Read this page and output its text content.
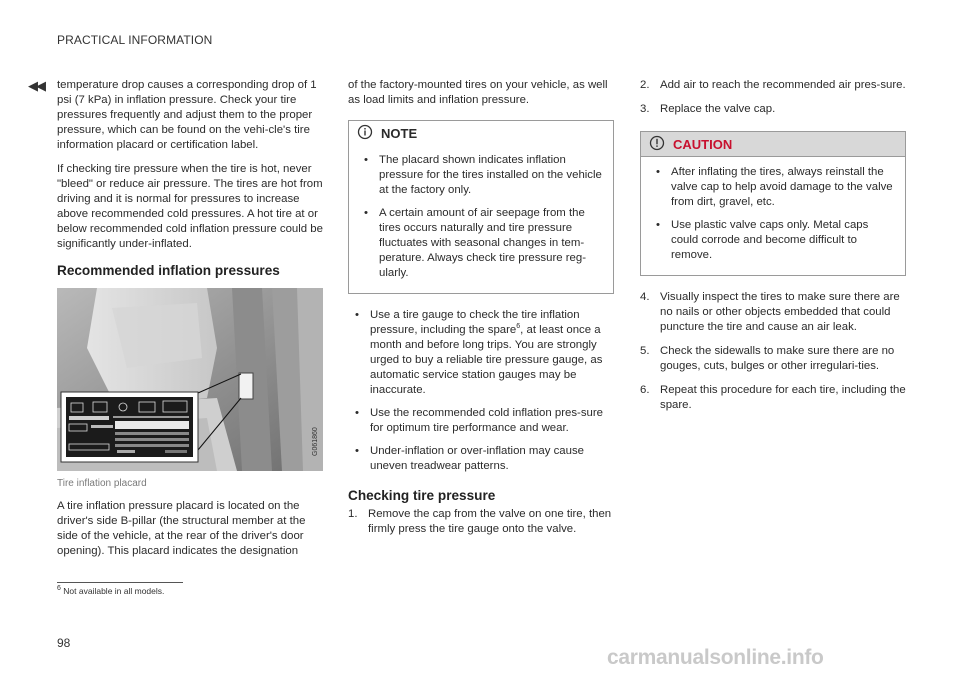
PRACTICAL INFORMATION
◀◀ temperature drop causes a corresponding drop of 1 psi (7 kPa) in inflation pressure. Check your tire pressures frequently and adjust them to the proper pressure, which can be found on the vehi-cle's tire information placard or certification label.

If checking tire pressure when the tire is hot, never "bleed" or reduce air pressure. The tires are hot from driving and it is normal for pressures to increase above recommended cold pressures. A hot tire at or below recommended cold inflation pressure could be significantly under-inflated.

Recommended inflation pressures
G061860
Tire inflation placard

A tire inflation pressure placard is located on the driver's side B-pillar (the structural member at the side of the vehicle, at the rear of the driver's door opening). This placard indicates the designation

of the factory-mounted tires on your vehicle, as well as load limits and inflation pressure.

NOTE
• The placard shown indicates inflation pressure for the tires installed on the vehicle at the factory only.
• A certain amount of air seepage from the tires occurs naturally and tire pressure fluctuates with seasonal changes in tem-perature. Always check tire pressure reg-ularly.
• Use a tire gauge to check the tire inflation pressure, including the spare$^6$, at least once a month and before long trips. You are strongly urged to buy a reliable tire pressure gauge, as automatic service station gauges may be inaccurate.
• Use the recommended cold inflation pres-sure for optimum tire performance and wear.
• Under-inflation or over-inflation may cause uneven treadwear patterns.
Checking tire pressure
1. Remove the cap from the valve on one tire, then firmly press the tire gauge onto the valve.
2. Add air to reach the recommended air pres-sure.
3. Replace the valve cap.
CAUTION
• After inflating the tires, always reinstall the valve cap to help avoid damage to the valve from dirt, gravel, etc.
• Use plastic valve caps only. Metal caps could corrode and become difficult to remove.
4. Visually inspect the tires to make sure there are no nails or other objects embedded that could puncture the tire and cause an air leak.
5. Check the sidewalls to make sure there are no gouges, cuts, bulges or other irregulari-ties.
6. Repeat this procedure for each tire, including the spare.
$^6$ Not available in all models.
98
carmanualsonline.info
